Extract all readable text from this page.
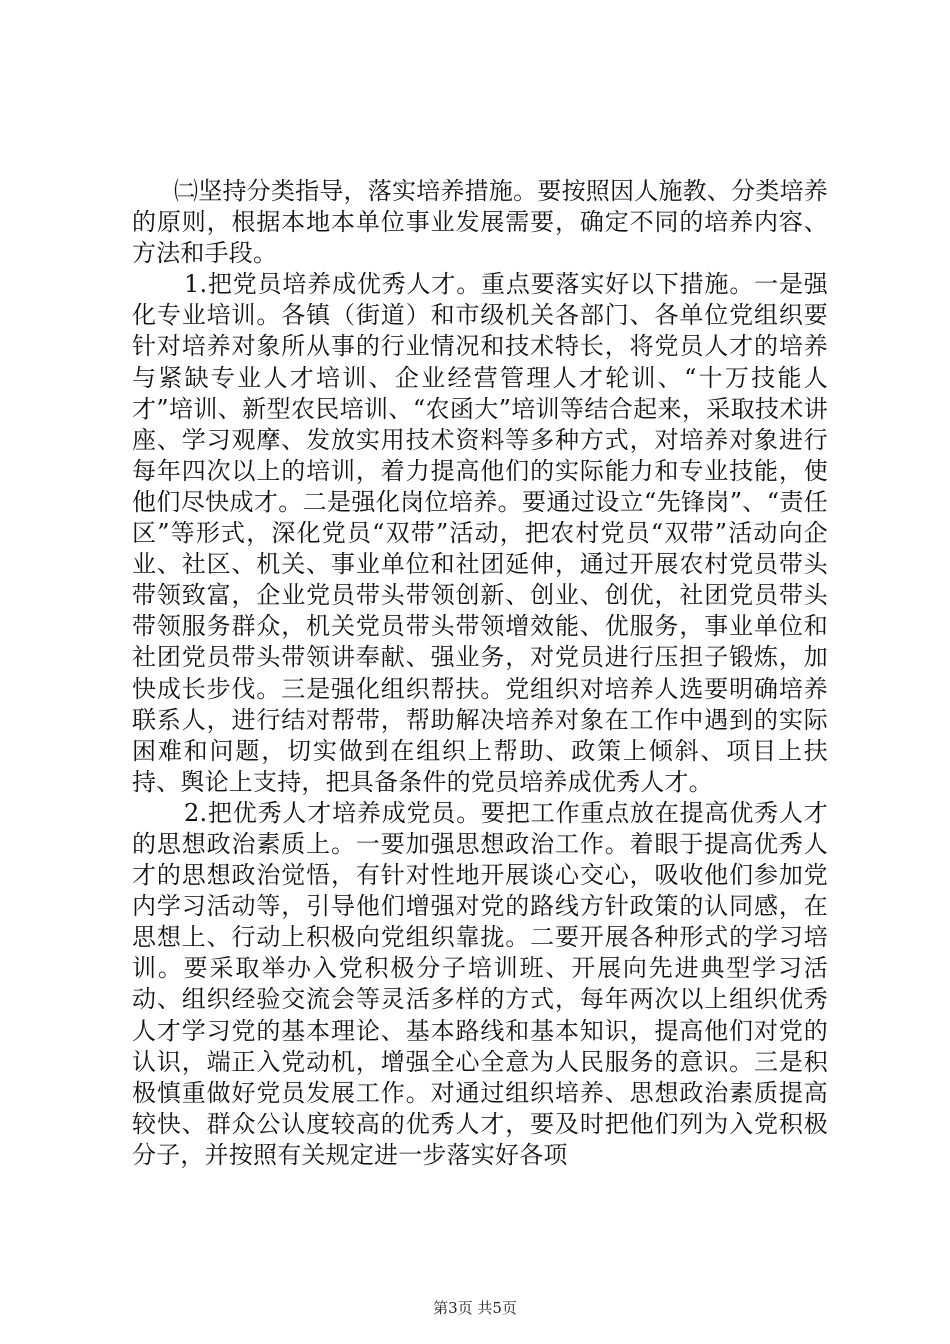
㈡坚持分类指导，落实培养措施。要按照因人施教、分类培养的原则，根据本地本单位事业发展需要，确定不同的培养内容、方法和手段。

1.把党员培养成优秀人才。重点要落实好以下措施。一是强化专业培训。各镇（街道）和市级机关各部门、各单位党组织要针对培养对象所从事的行业情况和技术特长，将党员人才的培养与紧缺专业人才培训、企业经营管理人才轮训、“十万技能人才”培训、新型农民培训、“农函大”培训等结合起来，采取技术讲座、学习观摩、发放实用技术资料等多种方式，对培养对象进行每年四次以上的培训，着力提高他们的实际能力和专业技能，使他们尽快成才。二是强化岗位培养。要通过设立“先锋岗”、“责任区”等形式，深化党员“双带”活动，把农村党员“双带”活动向企业、社区、机关、事业单位和社团延伸，通过开展农村党员带头带领致富，企业党员带头带领创新、创业、创优，社团党员带头带领服务群众，机关党员带头带领增效能、优服务，事业单位和社团党员带头带领讲奉献、强业务，对党员进行压担子锻炼，加快成长步伐。三是强化组织帮扶。党组织对培养人选要明确培养联系人，进行结对帮带，帮助解决培养对象在工作中遇到的实际困难和问题，切实做到在组织上帮助、政策上倾斜、项目上扶持、舆论上支持，把具备条件的党员培养成优秀人才。

2.把优秀人才培养成党员。要把工作重点放在提高优秀人才的思想政治素质上。一要加强思想政治工作。着眼于提高优秀人才的思想政治觉悟，有针对性地开展谈心交心，吸收他们参加党内学习活动等，引导他们增强对党的路线方针政策的认同感，在思想上、行动上积极向党组织靠拢。二要开展各种形式的学习培训。要采取举办入党积极分子培训班、开展向先进典型学习活动、组织经验交流会等灵活多样的方式，每年两次以上组织优秀人才学习党的基本理论、基本路线和基本知识，提高他们对党的认识，端正入党动机，增强全心全意为人民服务的意识。三是积极慎重做好党员发展工作。对通过组织培养、思想政治素质提高较快、群众公认度较高的优秀人才，要及时把他们列为入党积极分子，并按照有关规定进一步落实好各项

第3页 共5页
